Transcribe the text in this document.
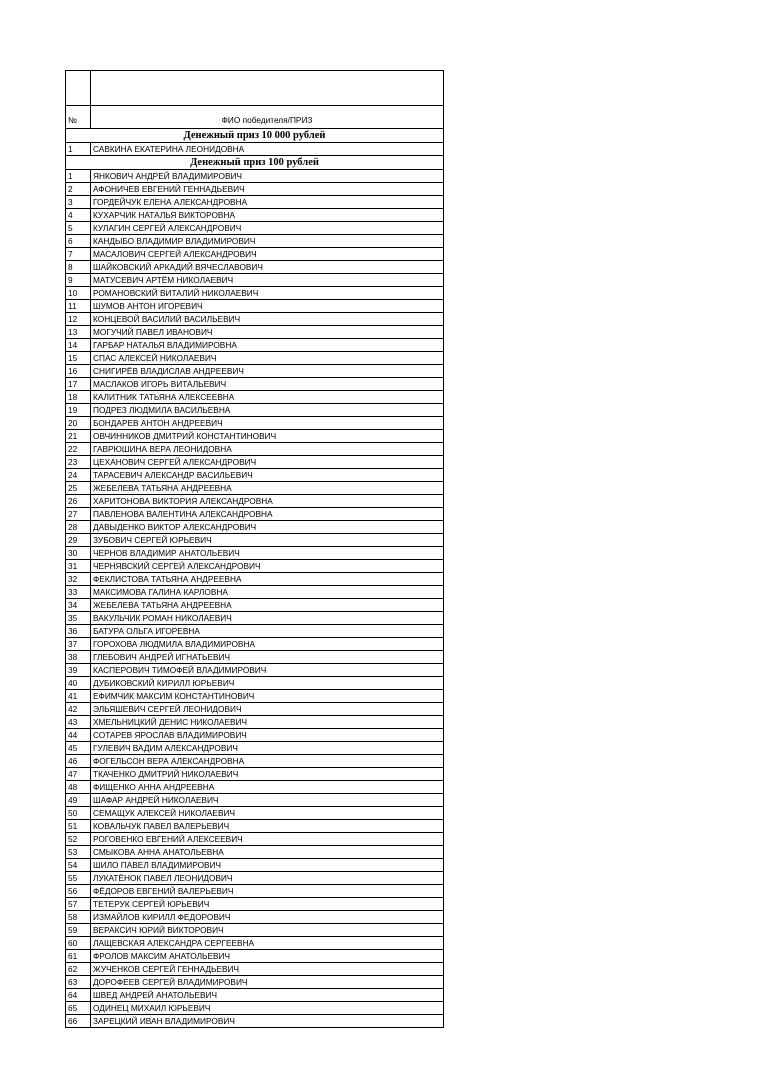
№	ФИО победителя/ПРИЗ
Денежный приз 10 000 рублей	
1	САВКИНА ЕКАТЕРИНА ЛЕОНИДОВНА
Денежный приз 100 рублей	
1	ЯНКОВИЧ АНДРЕЙ ВЛАДИМИРОВИЧ
2	АФОНИЧЕВ ЕВГЕНИЙ ГЕННАДЬЕВИЧ
3	ГОРДЕЙЧУК ЕЛЕНА АЛЕКСАНДРОВНА
4	КУХАРЧИК НАТАЛЬЯ ВИКТОРОВНА
5	КУЛАГИН СЕРГЕЙ АЛЕКСАНДРОВИЧ
6	КАНДЫБО ВЛАДИМИР ВЛАДИМИРОВИЧ
7	МАСАЛОВИЧ СЕРГЕЙ АЛЕКСАНДРОВИЧ
8	ШАЙКОВСКИЙ АРКАДИЙ ВЯЧЕСЛАВОВИЧ
9	МАТУСЕВИЧ АРТЁМ НИКОЛАЕВИЧ
10	РОМАНОВСКИЙ ВИТАЛИЙ НИКОЛАЕВИЧ
11	ШУМОВ АНТОН ИГОРЕВИЧ
12	КОНЦЕВОЙ ВАСИЛИЙ ВАСИЛЬЕВИЧ
13	МОГУЧИЙ ПАВЕЛ ИВАНОВИЧ
14	ГАРБАР НАТАЛЬЯ ВЛАДИМИРОВНА
15	СПАС АЛЕКСЕЙ НИКОЛАЕВИЧ
16	СНИГИРЁВ ВЛАДИСЛАВ АНДРЕЕВИЧ
17	МАСЛАКОВ ИГОРЬ ВИТАЛЬЕВИЧ
18	КАЛИТНИК ТАТЬЯНА АЛЕКСЕЕВНА
19	ПОДРЕЗ ЛЮДМИЛА ВАСИЛЬЕВНА
20	БОНДАРЕВ АНТОН АНДРЕЕВИЧ
21	ОВЧИННИКОВ ДМИТРИЙ КОНСТАНТИНОВИЧ
22	ГАВРЮШИНА ВЕРА ЛЕОНИДОВНА
23	ЦЕХАНОВИЧ СЕРГЕЙ АЛЕКСАНДРОВИЧ
24	ТАРАСЕВИЧ АЛЕКСАНДР ВАСИЛЬЕВИЧ
25	ЖЕБЕЛЕВА ТАТЬЯНА АНДРЕЕВНА
26	ХАРИТОНОВА ВИКТОРИЯ АЛЕКСАНДРОВНА
27	ПАВЛЕНОВА ВАЛЕНТИНА АЛЕКСАНДРОВНА
28	ДАВЫДЕНКО ВИКТОР АЛЕКСАНДРОВИЧ
29	ЗУБОВИЧ СЕРГЕЙ ЮРЬЕВИЧ
30	ЧЕРНОВ ВЛАДИМИР АНАТОЛЬЕВИЧ
31	ЧЕРНЯВСКИЙ СЕРГЕЙ АЛЕКСАНДРОВИЧ
32	ФЕКЛИСТОВА ТАТЬЯНА АНДРЕЕВНА
33	МАКСИМОВА ГАЛИНА КАРЛОВНА
34	ЖЕБЕЛЕВА ТАТЬЯНА АНДРЕЕВНА
35	ВАКУЛЬЧИК РОМАН НИКОЛАЕВИЧ
36	БАТУРА ОЛЬГА ИГОРЕВНА
37	ГОРОХОВА ЛЮДМИЛА ВЛАДИМИРОВНА
38	ГЛЕБОВИЧ АНДРЕЙ ИГНАТЬЕВИЧ
39	КАСПЕРОВИЧ ТИМОФЕЙ ВЛАДИМИРОВИЧ
40	ДУБИКОВСКИЙ КИРИЛЛ ЮРЬЕВИЧ
41	ЕФИМЧИК МАКСИМ КОНСТАНТИНОВИЧ
42	ЭЛЬЯШЕВИЧ СЕРГЕЙ ЛЕОНИДОВИЧ
43	ХМЕЛЬНИЦКИЙ ДЕНИС НИКОЛАЕВИЧ
44	СОТАРЕВ ЯРОСЛАВ ВЛАДИМИРОВИЧ
45	ГУЛЕВИЧ ВАДИМ АЛЕКСАНДРОВИЧ
46	ФОГЕЛЬСОН ВЕРА АЛЕКСАНДРОВНА
47	ТКАЧЕНКО ДМИТРИЙ НИКОЛАЕВИЧ
48	ФИЩЕНКО АННА АНДРЕЕВНА
49	ШАФАР АНДРЕЙ НИКОЛАЕВИЧ
50	СЕМАЩУК АЛЕКСЕЙ НИКОЛАЕВИЧ
51	КОВАЛЬЧУК ПАВЕЛ ВАЛЕРЬЕВИЧ
52	РОГОВЕНКО ЕВГЕНИЙ АЛЕКСЕЕВИЧ
53	СМЫКОВА АННА АНАТОЛЬЕВНА
54	ШИЛО ПАВЕЛ ВЛАДИМИРОВИЧ
55	ЛУКАТЁНОК ПАВЕЛ ЛЕОНИДОВИЧ
56	ФЁДОРОВ ЕВГЕНИЙ ВАЛЕРЬЕВИЧ
57	ТЕТЕРУК СЕРГЕЙ ЮРЬЕВИЧ
58	ИЗМАЙЛОВ КИРИЛЛ ФЕДОРОВИЧ
59	ВЕРАКСИЧ ЮРИЙ ВИКТОРОВИЧ
60	ЛАЩЕВСКАЯ АЛЕКСАНДРА СЕРГЕЕВНА
61	ФРОЛОВ МАКСИМ АНАТОЛЬЕВИЧ
62	ЖУЧЕНКОВ СЕРГЕЙ ГЕННАДЬЕВИЧ
63	ДОРОФЕЕВ СЕРГЕЙ ВЛАДИМИРОВИЧ
64	ШВЕД АНДРЕЙ АНАТОЛЬЕВИЧ
65	ОДИНЕЦ МИХАИЛ ЮРЬЕВИЧ
66	ЗАРЕЦКИЙ ИВАН ВЛАДИМИРОВИЧ
